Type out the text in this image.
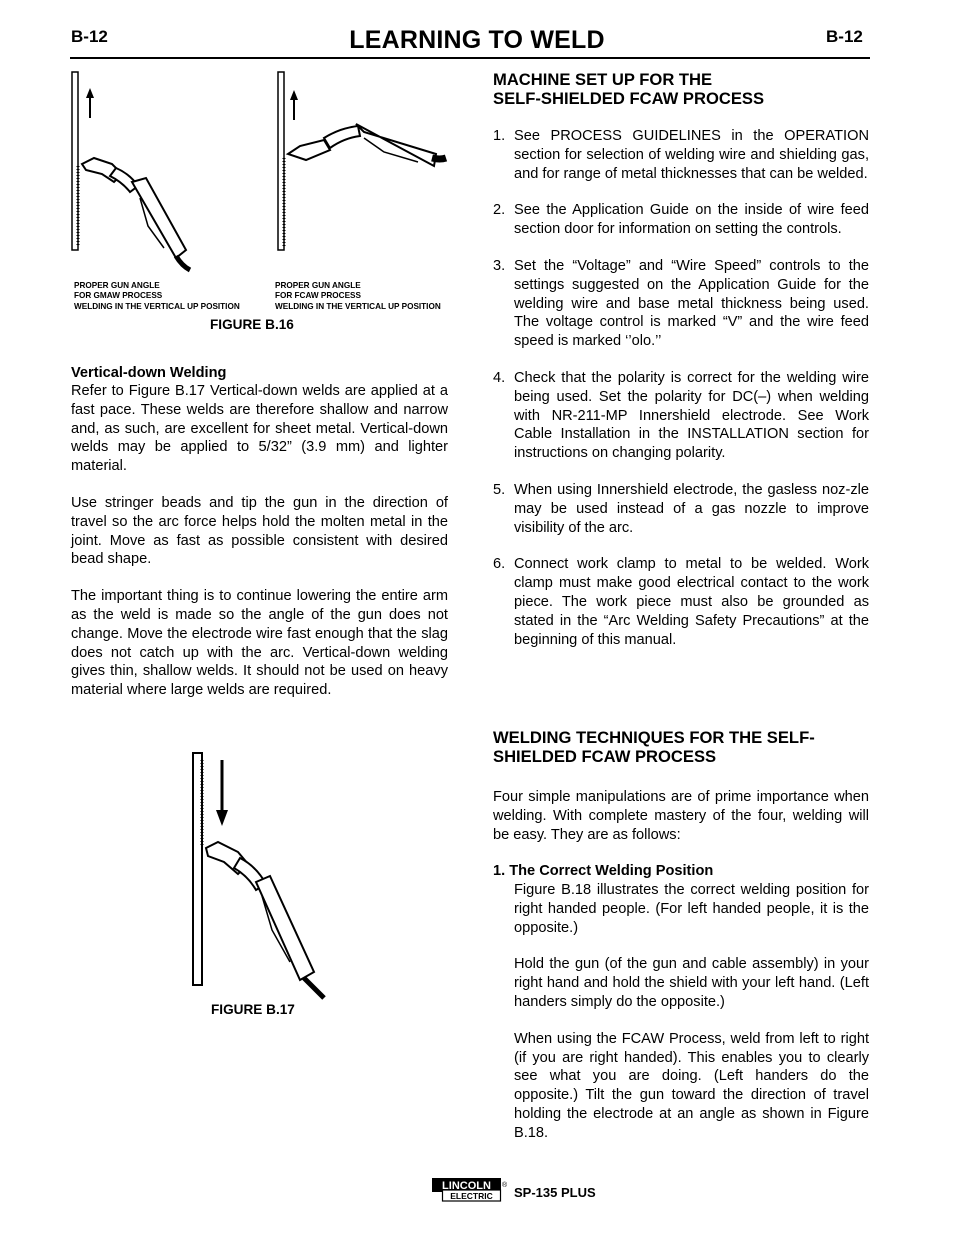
B-12	LEARNING TO WELD	B-12
PROPER GUN ANGLE
FOR GMAW PROCESS
WELDING IN THE VERTICAL UP POSITION
PROPER GUN ANGLE
FOR FCAW PROCESS
WELDING IN THE VERTICAL UP POSITION
FIGURE B.16
Vertical-down Welding
Refer to Figure B.17 Vertical-down welds are applied at a fast pace. These welds are therefore shallow and narrow and, as such, are excellent for sheet metal. Vertical-down welds may be applied to 5/32” (3.9 mm) and lighter material.
Use stringer beads and tip the gun in the direction of travel so the arc force helps hold the molten metal in the joint. Move as fast as possible consistent with desired bead shape.
The important thing is to continue lowering the entire arm as the weld is made so the angle of the gun does not change. Move the electrode wire fast enough that the slag does not catch up with the arc. Vertical-down welding gives thin, shallow welds. It should not be used on heavy material where large welds are required.
FIGURE B.17
MACHINE SET UP FOR THE
SELF-SHIELDED FCAW PROCESS
1. See PROCESS GUIDELINES in the OPERATION section for selection of welding wire and shielding gas, and for range of metal thicknesses that can be welded.
2. See the Application Guide on the inside of wire feed section door for information on setting the controls.
3. Set the “Voltage” and “Wire Speed” controls to the settings suggested on the Application Guide for the welding wire and base metal thickness being used. The voltage control is marked “V” and the wire feed speed is marked ‘’olo.’’
4. Check that the polarity is correct for the welding wire being used. Set the polarity for DC(–) when welding with NR-211-MP Innershield electrode. See Work Cable Installation in the INSTALLATION section for instructions on changing polarity.
5. When using Innershield electrode, the gasless noz-zle may be used instead of a gas nozzle to improve visibility of the arc.
6. Connect work clamp to metal to be welded. Work clamp must make good electrical contact to the work piece. The work piece must also be grounded as stated in the “Arc Welding Safety Precautions” at the beginning of this manual.
WELDING TECHNIQUES FOR THE SELF-
SHIELDED FCAW PROCESS
Four simple manipulations are of prime importance when welding. With complete mastery of the four, welding will be easy. They are as follows:
1. The Correct Welding Position
Figure B.18 illustrates the correct welding position for right handed people. (For left handed people, it is the opposite.)
Hold the gun (of the gun and cable assembly) in your right hand and hold the shield with your left hand. (Left handers simply do the opposite.)
When using the FCAW Process, weld from left to right (if you are right handed). This enables you to clearly see what you are doing. (Left handers do the opposite.) Tilt the gun toward the direction of travel holding the electrode at an angle as shown in Figure B.18.
LINCOLN
ELECTRIC
® SP-135 PLUS
